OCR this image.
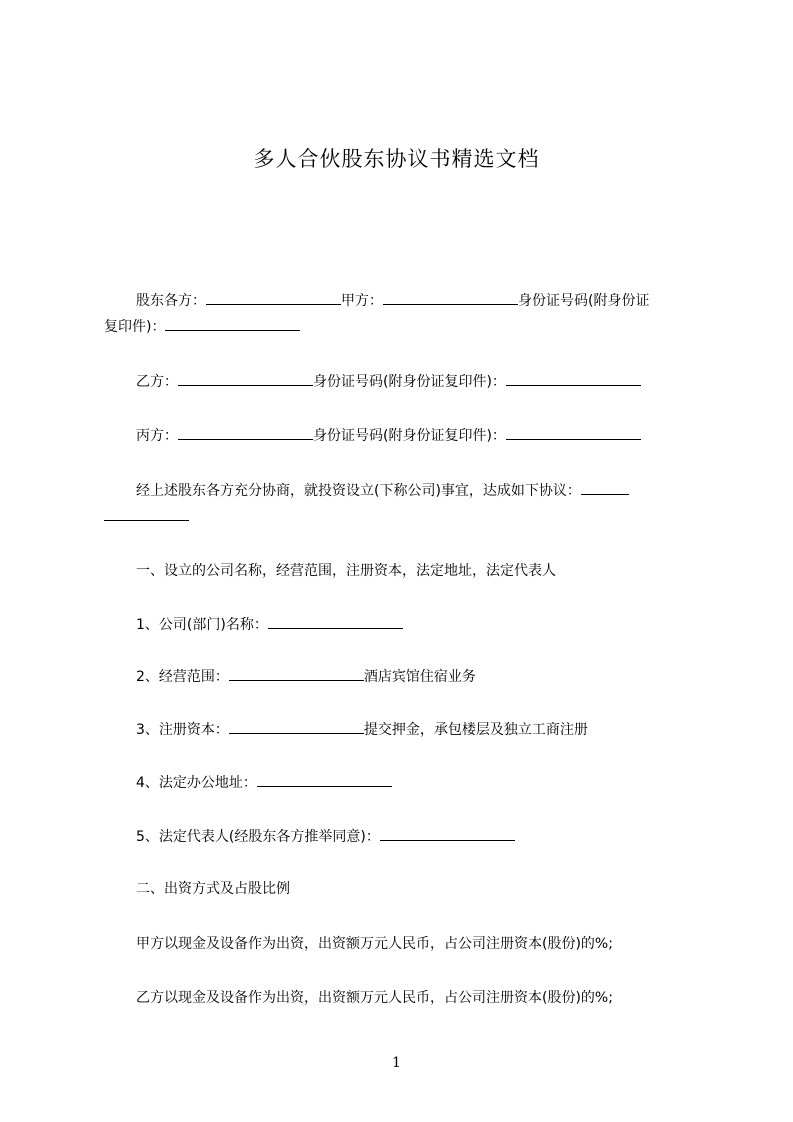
多人合伙股东协议书精选文档

股东各方：	甲方：	身份证号码(附身份证

复印件)：

乙方：	身份证号码(附身份证复印件)：

丙方：	身份证号码(附身份证复印件)：

经上述股东各方充分协商，就投资设立(下称公司)事宜，达成如下协议：

一、设立的公司名称，经营范围，注册资本，法定地址，法定代表人

1、公司(部门)名称：

2、经营范围：	酒店宾馆住宿业务

3、注册资本：	提交押金，承包楼层及独立工商注册

4、法定办公地址：

5、法定代表人(经股东各方推举同意)：

二、出资方式及占股比例

甲方以现金及设备作为出资，出资额万元人民币，占公司注册资本(股份)的%;

乙方以现金及设备作为出资，出资额万元人民币，占公司注册资本(股份)的%;

1
